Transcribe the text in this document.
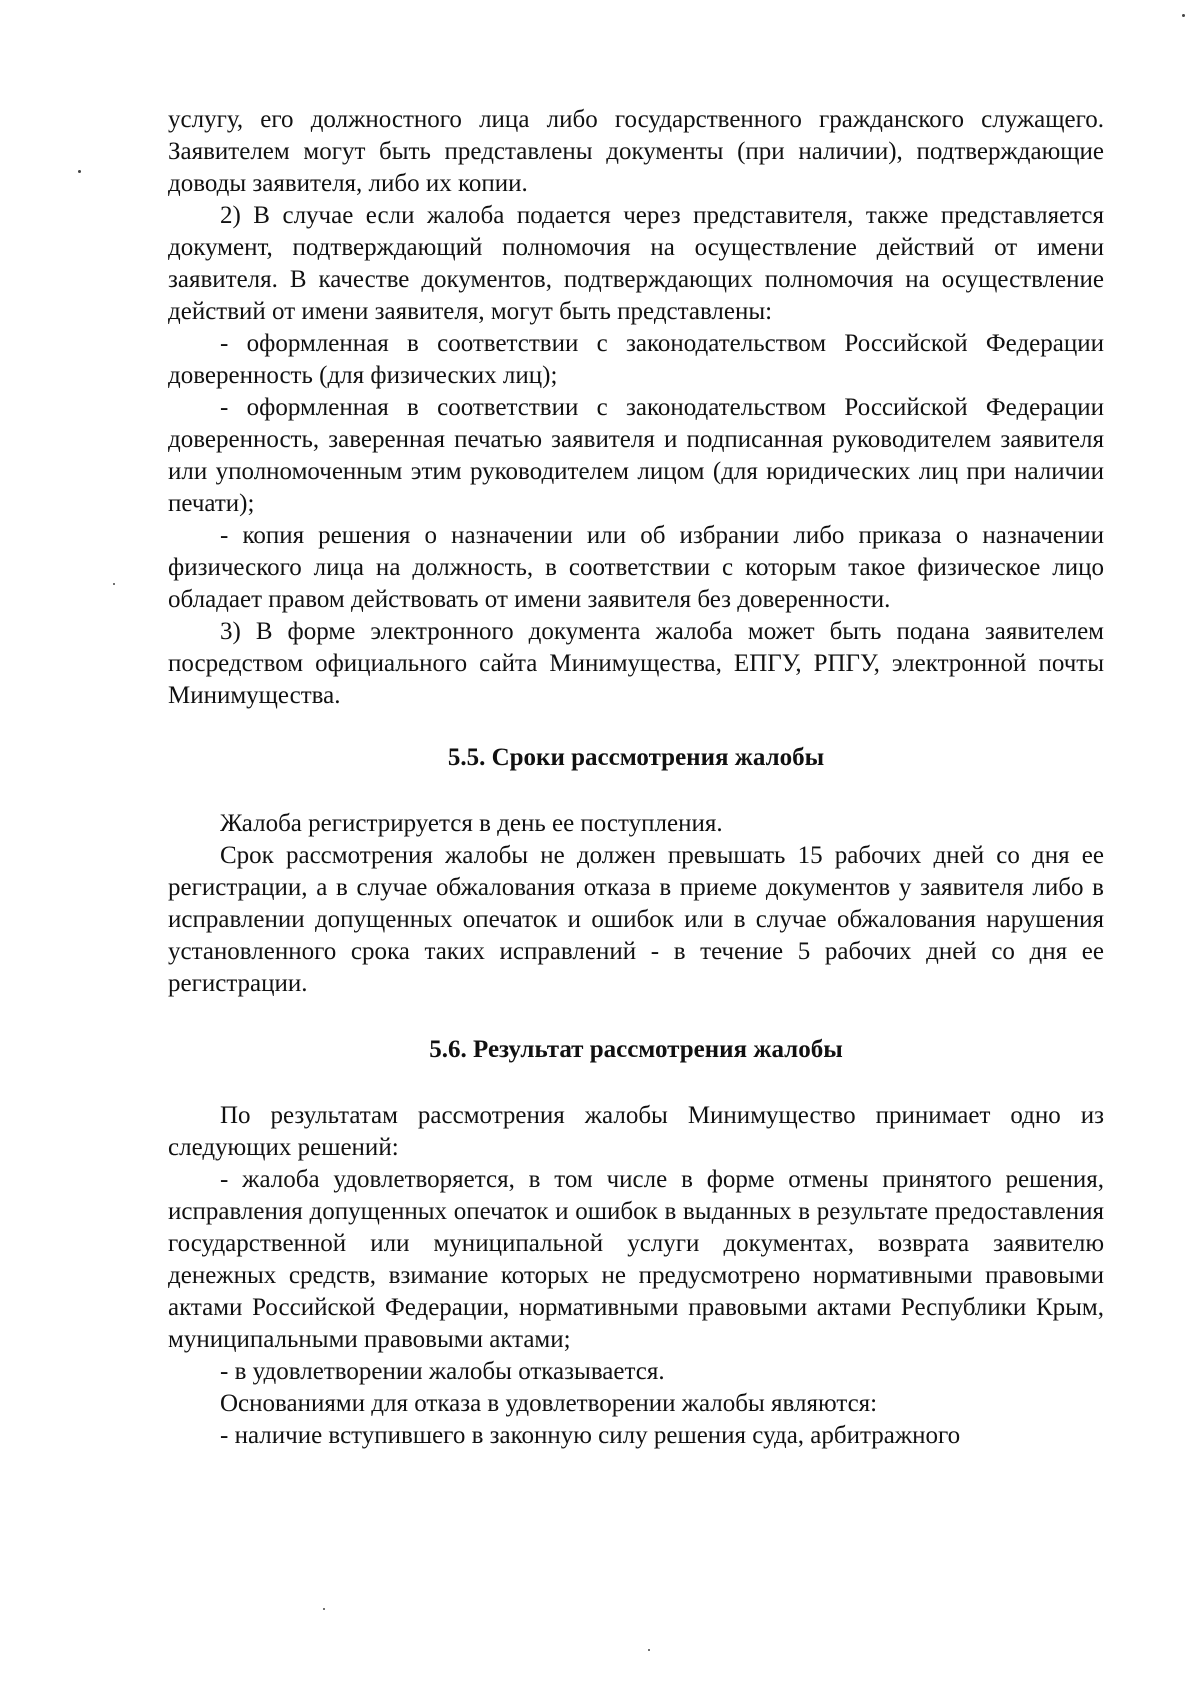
услугу, его должностного лица либо государственного гражданского служащего. Заявителем могут быть представлены документы (при наличии), подтверждающие доводы заявителя, либо их копии.

2) В случае если жалоба подается через представителя, также представляется документ, подтверждающий полномочия на осуществление действий от имени заявителя. В качестве документов, подтверждающих полномочия на осуществление действий от имени заявителя, могут быть представлены:

- оформленная в соответствии с законодательством Российской Федерации доверенность (для физических лиц);

- оформленная в соответствии с законодательством Российской Федерации доверенность, заверенная печатью заявителя и подписанная руководителем заявителя или уполномоченным этим руководителем лицом (для юридических лиц при наличии печати);

- копия решения о назначении или об избрании либо приказа о назначении физического лица на должность, в соответствии с которым такое физическое лицо обладает правом действовать от имени заявителя без доверенности.

3) В форме электронного документа жалоба может быть подана заявителем посредством официального сайта Минимущества, ЕПГУ, РПГУ, электронной почты Минимущества.

5.5. Сроки рассмотрения жалобы

Жалоба регистрируется в день ее поступления.

Срок рассмотрения жалобы не должен превышать 15 рабочих дней со дня ее регистрации, а в случае обжалования отказа в приеме документов у заявителя либо в исправлении допущенных опечаток и ошибок или в случае обжалования нарушения установленного срока таких исправлений - в течение 5 рабочих дней со дня ее регистрации.

5.6. Результат рассмотрения жалобы

По результатам рассмотрения жалобы Минимущество принимает одно из следующих решений:

- жалоба удовлетворяется, в том числе в форме отмены принятого решения, исправления допущенных опечаток и ошибок в выданных в результате предоставления государственной или муниципальной услуги документах, возврата заявителю денежных средств, взимание которых не предусмотрено нормативными правовыми актами Российской Федерации, нормативными правовыми актами Республики Крым, муниципальными правовыми актами;

- в удовлетворении жалобы отказывается.

Основаниями для отказа в удовлетворении жалобы являются:

- наличие вступившего в законную силу решения суда, арбитражного
